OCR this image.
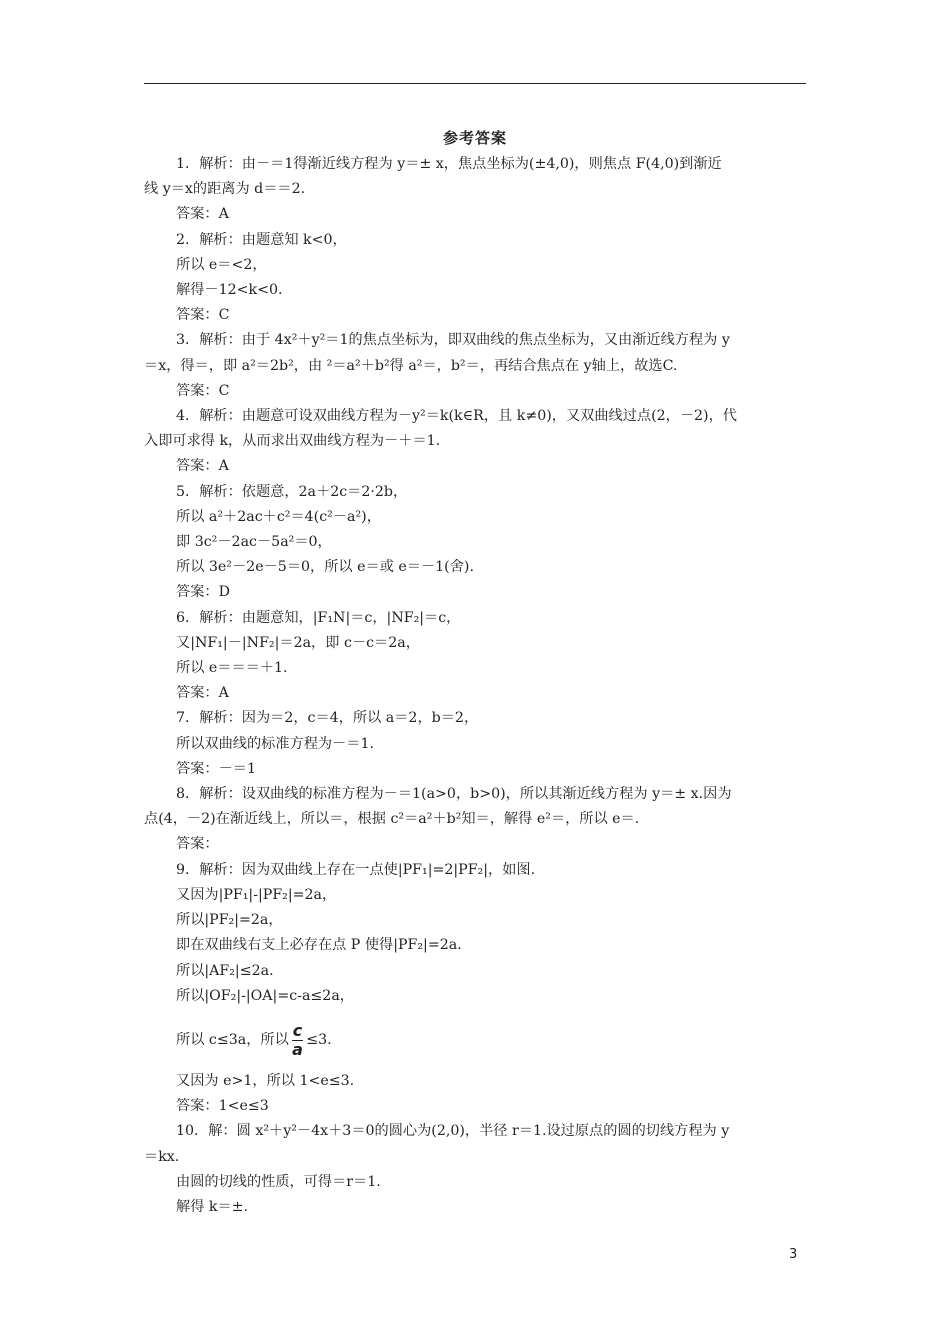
参考答案
1．解析：由－＝1得渐近线方程为 y＝± x，焦点坐标为(±4,0)，则焦点 F(4,0)到渐近
线 y＝x的距离为 d＝＝2.
答案：A
2．解析：由题意知 k<0，
所以 e＝<2，
解得－12<k<0.
答案：C
3．解析：由于 4x²＋y²＝1的焦点坐标为，即双曲线的焦点坐标为，又由渐近线方程为 y
＝x，得＝，即 a²＝2b²，由 ²＝a²＋b²得 a²＝，b²＝，再结合焦点在 y轴上，故选C.
答案：C
4．解析：由题意可设双曲线方程为－y²＝k(k∈R，且 k≠0)，又双曲线过点(2，－2)，代
入即可求得 k，从而求出双曲线方程为－＋＝1.
答案：A
5．解析：依题意，2a＋2c＝2·2b，
所以 a²＋2ac＋c²＝4(c²－a²)，
即 3c²－2ac－5a²＝0，
所以 3e²－2e－5＝0，所以 e＝或 e＝－1(舍).
答案：D
6．解析：由题意知，|F₁N|＝c，|NF₂|＝c，
又|NF₁|－|NF₂|＝2a，即 c－c＝2a，
所以 e＝＝＝＋1.
答案：A
7．解析：因为＝2，c＝4，所以 a＝2，b＝2，
所以双曲线的标准方程为－＝1.
答案：－＝1
8．解析：设双曲线的标准方程为－＝1(a>0，b>0)，所以其渐近线方程为 y＝± x.因为
点(4，－2)在渐近线上，所以＝，根据 c²＝a²＋b²知＝，解得 e²＝，所以 e＝.
答案：
9．解析：因为双曲线上存在一点使|PF₁|=2|PF₂|，如图.
又因为|PF₁|-|PF₂|=2a，
所以|PF₂|=2a，
即在双曲线右支上必存在点 P 使得|PF₂|=2a.
所以|AF₂|≤2a.
所以|OF₂|-|OA|=c-a≤2a，
所以 c≤3a，所以 $\frac{c}{a} \le 3$.
又因为 e>1，所以 1<e≤3.
答案：1<e≤3
10．解：圆 x²＋y²－4x＋3＝0的圆心为(2,0)，半径 r＝1.设过原点的圆的切线方程为 y
＝kx.
由圆的切线的性质，可得＝r＝1.
解得 k＝±.
3
